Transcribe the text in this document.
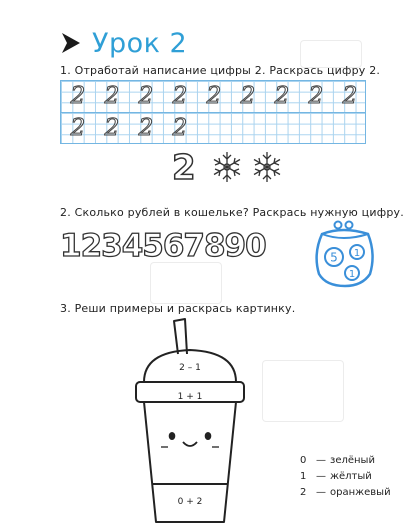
Урок 2
1. Отработай написание цифры 2. Раскрась цифру 2.
2 2 2 2 2 2 2 2 2
2 2 2 2
2
2. Сколько рублей в кошельке? Раскрась нужную цифру.
1234567890	5 1
1
3. Реши примеры и раскрась картинку.
2 – 1
1 + 1
0 + 2
0 — зелёный
1 — жёлтый
2 — оранжевый
